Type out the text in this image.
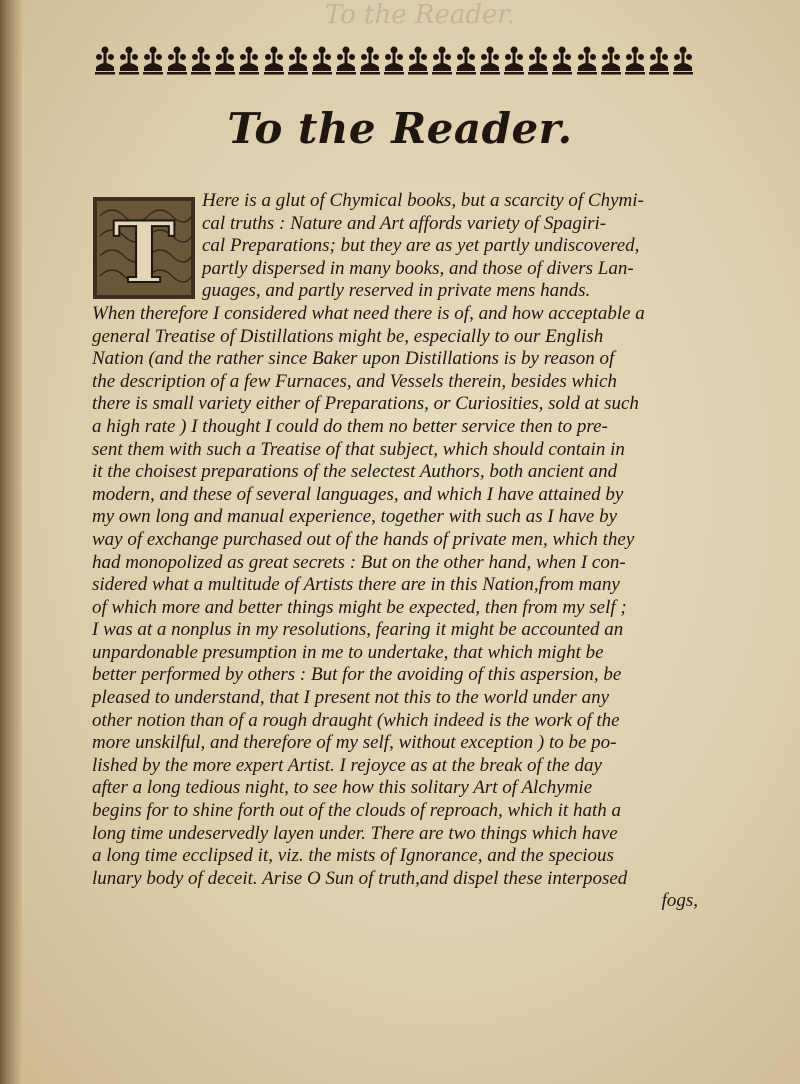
To the Reader.
To the Reader.
T
Here is a glut of Chymical books, but a scarcity of Chymi-
cal truths : Nature and Art affords variety of Spagiri-
cal Preparations; but they are as yet partly undiscovered,
partly dispersed in many books, and those of divers Lan-
guages, and partly reserved in private mens hands.
When therefore I considered what need there is of, and how acceptable a
general Treatise of Distillations might be, especially to our English
Nation (and the rather since Baker upon Distillations is by reason of
the description of a few Furnaces, and Vessels therein, besides which
there is small variety either of Preparations, or Curiosities, sold at such
a high rate ) I thought I could do them no better service then to pre-
sent them with such a Treatise of that subject, which should contain in
it the choisest preparations of the selectest Authors, both ancient and
modern, and these of several languages, and which I have attained by
my own long and manual experience, together with such as I have by
way of exchange purchased out of the hands of private men, which they
had monopolized as great secrets : But on the other hand, when I con-
sidered what a multitude of Artists there are in this Nation,from many
of which more and better things might be expected, then from my self ;
I was at a nonplus in my resolutions, fearing it might be accounted an
unpardonable presumption in me to undertake, that which might be
better performed by others : But for the avoiding of this aspersion, be
pleased to understand, that I present not this to the world under any
other notion than of a rough draught (which indeed is the work of the
more unskilful, and therefore of my self, without exception ) to be po-
lished by the more expert Artist. I rejoyce as at the break of the day
after a long tedious night, to see how this solitary Art of Alchymie
begins for to shine forth out of the clouds of reproach, which it hath a
long time undeservedly layen under. There are two things which have
a long time ecclipsed it, viz. the mists of Ignorance, and the specious
lunary body of deceit. Arise O Sun of truth,and dispel these interposed
fogs,
